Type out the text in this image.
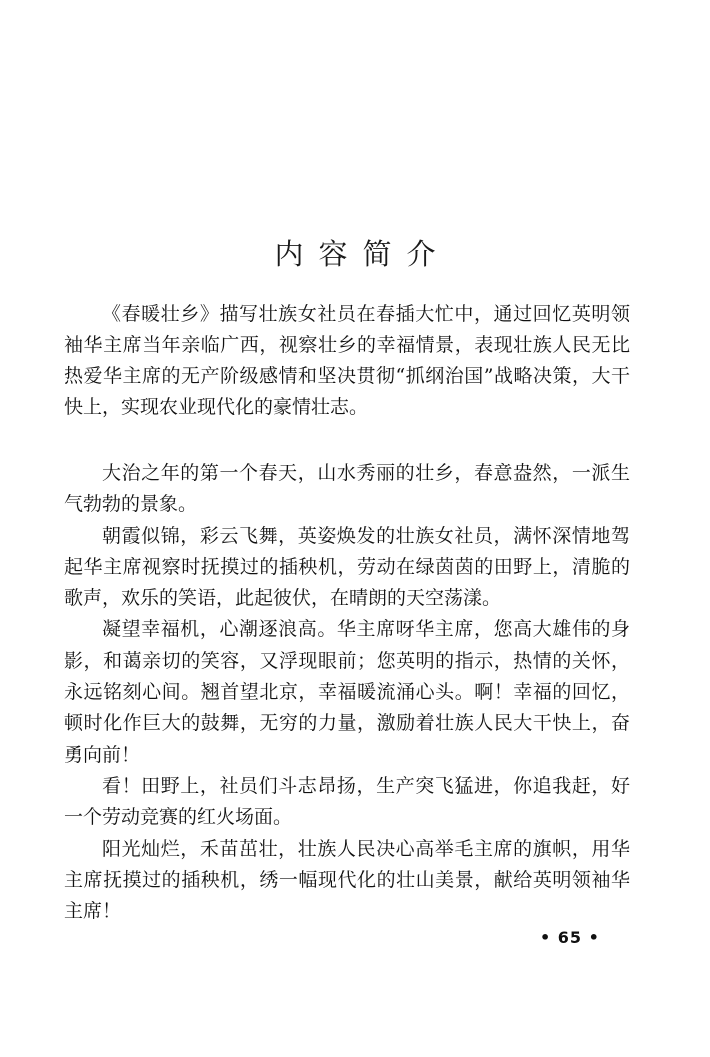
内容简介

《春暖壮乡》描写壮族女社员在春插大忙中，通过回忆英明领袖华主席当年亲临广西，视察壮乡的幸福情景，表现壮族人民无比热爱华主席的无产阶级感情和坚决贯彻“抓纲治国”战略决策，大干快上，实现农业现代化的豪情壮志。

大治之年的第一个春天，山水秀丽的壮乡，春意盎然，一派生气勃勃的景象。

朝霞似锦，彩云飞舞，英姿焕发的壮族女社员，满怀深情地驾起华主席视察时抚摸过的插秧机，劳动在绿茵茵的田野上，清脆的歌声，欢乐的笑语，此起彼伏，在晴朗的天空荡漾。

凝望幸福机，心潮逐浪高。华主席呀华主席，您高大雄伟的身影，和蔼亲切的笑容，又浮现眼前；您英明的指示，热情的关怀，永远铭刻心间。翘首望北京，幸福暖流涌心头。啊！幸福的回忆，顿时化作巨大的鼓舞，无穷的力量，激励着壮族人民大干快上，奋勇向前！

看！田野上，社员们斗志昂扬，生产突飞猛进，你追我赶，好一个劳动竞赛的红火场面。

阳光灿烂，禾苗茁壮，壮族人民决心高举毛主席的旗帜，用华主席抚摸过的插秧机，绣一幅现代化的壮山美景，献给英明领袖华主席！

• 65 •
